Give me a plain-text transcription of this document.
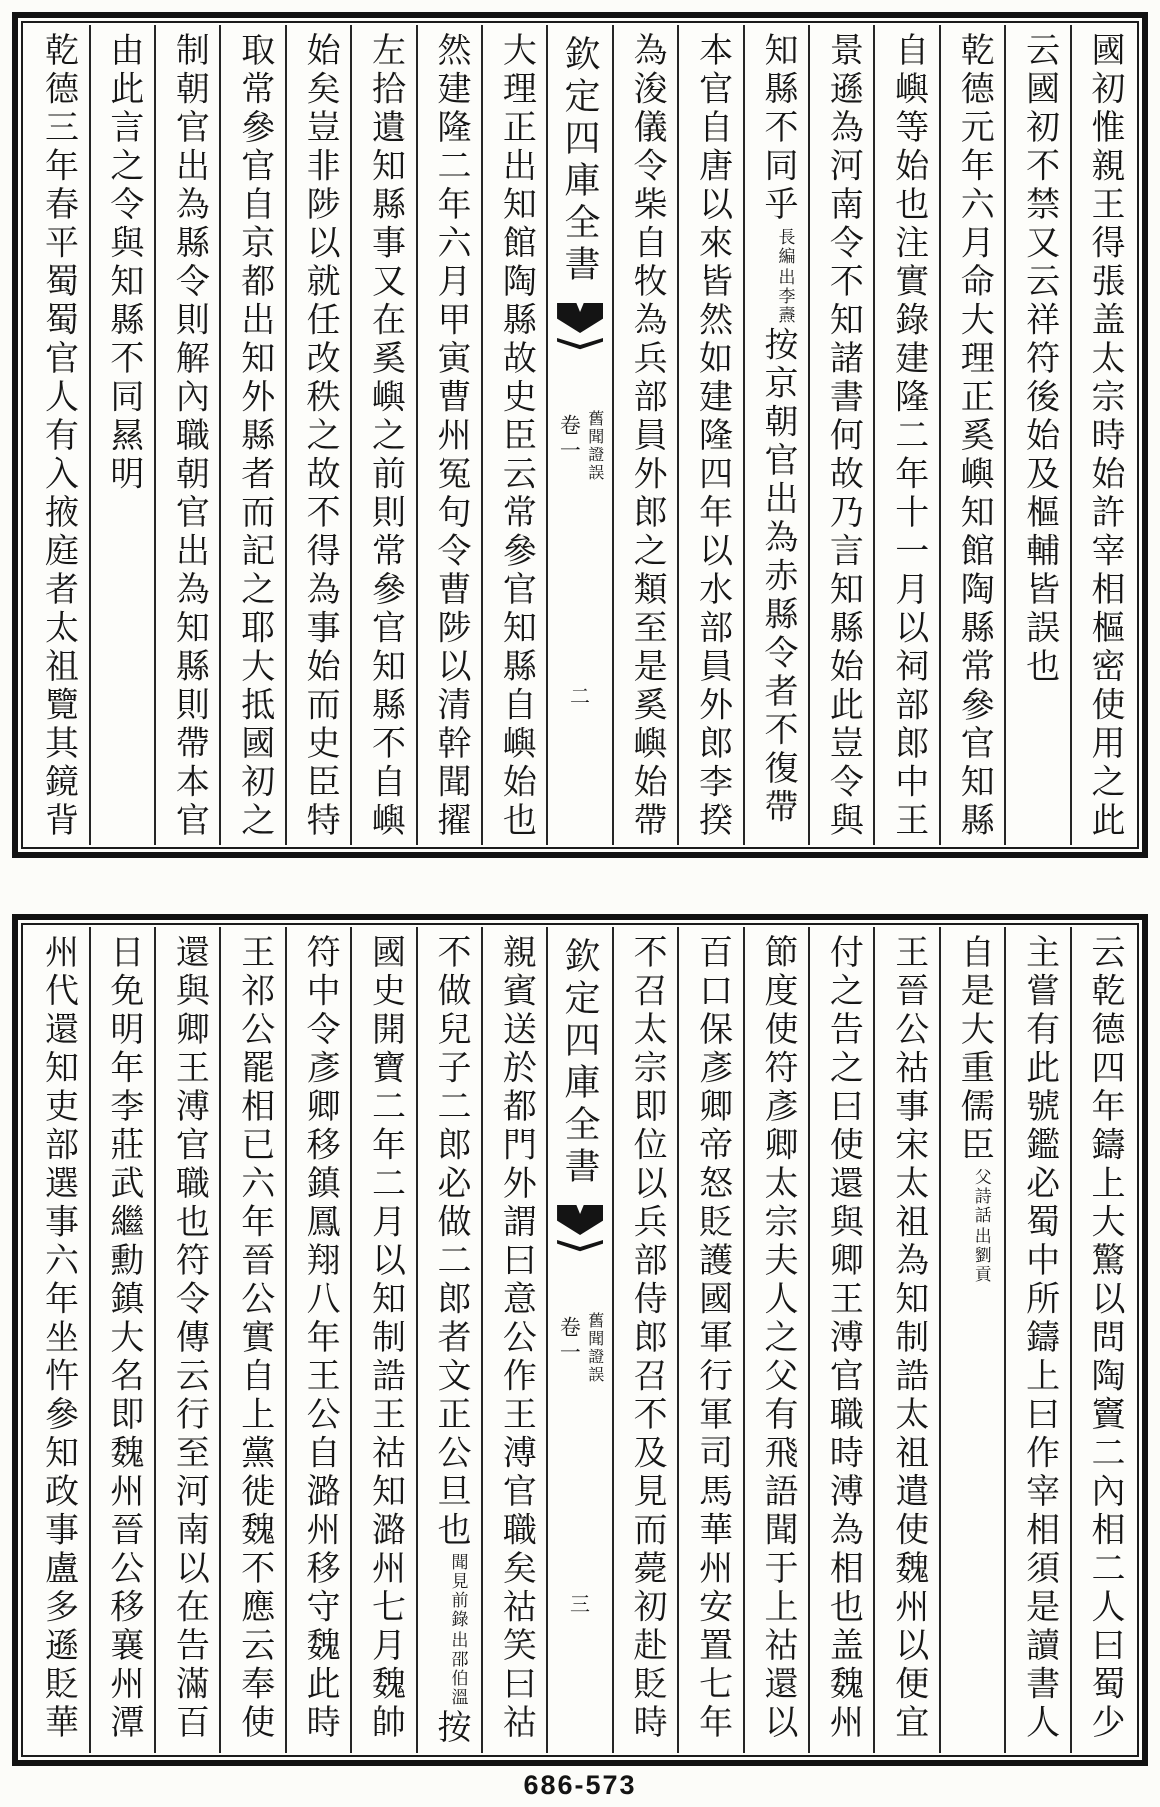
國初惟親王得張盖太宗時始許宰相樞密使用之此
云國初不禁又云祥符後始及樞輔皆誤也
乾德元年六月命大理正奚嶼知館陶縣常參官知縣
自嶼等始也注實錄建隆二年十一月以祠部郎中王
景遜為河南令不知諸書何故乃言知縣始此豈令與
知縣不同乎
出李燾
長編
按京朝官出為赤縣令者不復帶
本官自唐以來皆然如建隆四年以水部員外郎李揆
為浚儀令柴自牧為兵部員外郎之類至是奚嶼始帶
欽定四庫全書
舊聞證誤
卷一
二
大理正出知館陶縣故史臣云常參官知縣自嶼始也
然建隆二年六月甲寅曹州冤句令曹陟以清幹聞擢
左拾遺知縣事又在奚嶼之前則常參官知縣不自嶼
始矣豈非陟以就任改秩之故不得為事始而史臣特
取常參官自京都出知外縣者而記之耶大抵國初之
制朝官出為縣令則解內職朝官出為知縣則帶本官
由此言之令與知縣不同㬎明
乾德三年春平蜀蜀官人有入掖庭者太祖覽其鏡背
云乾德四年鑄上大驚以問陶竇二內相二人曰蜀少
主嘗有此號鑑必蜀中所鑄上曰作宰相須是讀書人
自是大重儒臣
出劉貢
父詩話
王晉公祜事宋太祖為知制誥太祖遣使魏州以便宜
付之告之曰使還與卿王溥官職時溥為相也盖魏州
節度使符彥卿太宗夫人之父有飛語聞于上祜還以
百口保彥卿帝怒貶護國軍行軍司馬華州安置七年
不召太宗即位以兵部侍郎召不及見而薨初赴貶時
欽定四庫全書
舊聞證誤
卷一
三
親賓送於都門外謂曰意公作王溥官職矣祜笑曰祜
不做兒子二郎必做二郎者文正公旦也
出邵伯溫
聞見前錄
按
國史開寶二年二月以知制誥王祜知潞州七月魏帥
符中令彥卿移鎮鳳翔八年王公自潞州移守魏此時
王祁公罷相已六年晉公實自上黨徙魏不應云奉使
還與卿王溥官職也符令傳云行至河南以在告滿百
日免明年李莊武繼勳鎮大名即魏州晉公移襄州潭
州代還知吏部選事六年坐忤參知政事盧多遜貶華
686-573
